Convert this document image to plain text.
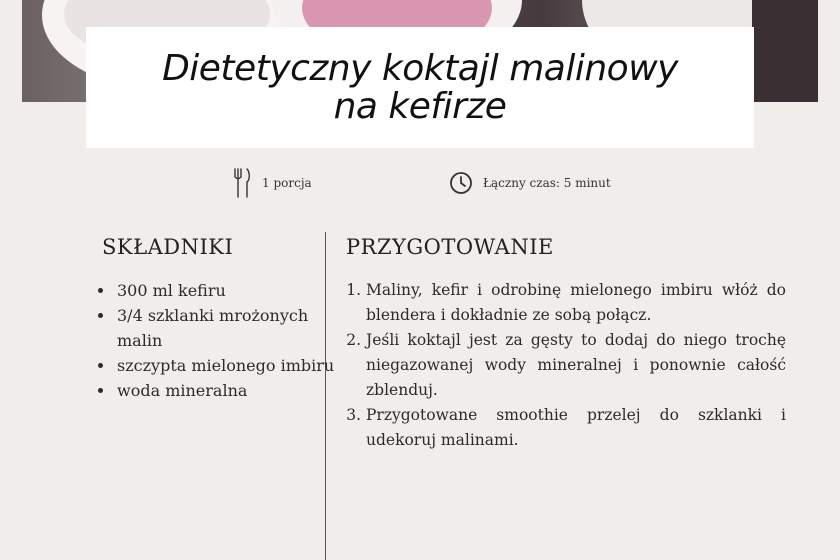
Dietetyczny koktajl malinowy
na kefirze
1 porcja	Łączny czas: 5 minut
SKŁADNIKI	PRZYGOTOWANIE
• 300 ml kefiru
• 3/4 szklanki mrożonych malin
• szczypta mielonego imbiru
• woda mineralna
1. Maliny, kefir i odrobinę mielonego imbiru włóż do blendera i dokładnie ze sobą połącz.
2. Jeśli koktajl jest za gęsty to dodaj do niego trochę niegazowanej wody mineralnej i ponownie całość zblenduj.
3. Przygotowane smoothie przelej do szklanki i udekoruj malinami.
